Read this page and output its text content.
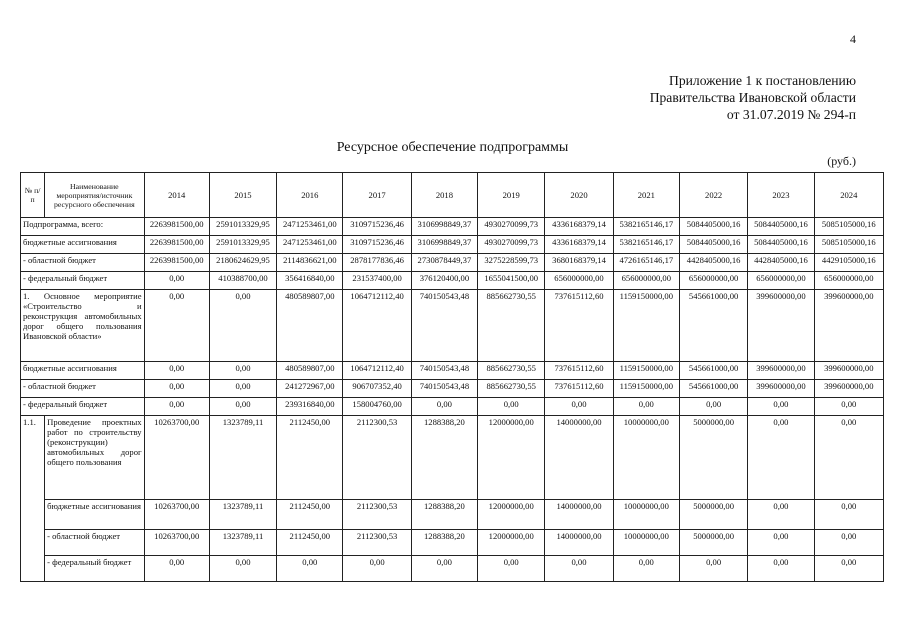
4
Приложение 1 к постановлению
Правительства Ивановской области
от 31.07.2019 № 294-п
Ресурсное обеспечение подпрограммы
(руб.)
№ п/п	Наименование мероприятия/источник ресурсного обеспечения	2014	2015	2016	2017	2018	2019	2020	2021	2022	2023	2024
Подпрограмма, всего:		2263981500,00	2591013329,95	2471253461,00	3109715236,46	3106998849,37	4930270099,73	4336168379,14	5382165146,17	5084405000,16	5084405000,16	5085105000,16
бюджетные ассигнования		2263981500,00	2591013329,95	2471253461,00	3109715236,46	3106998849,37	4930270099,73	4336168379,14	5382165146,17	5084405000,16	5084405000,16	5085105000,16
- областной бюджет		2263981500,00	2180624629,95	2114836621,00	2878177836,46	2730878449,37	3275228599,73	3680168379,14	4726165146,17	4428405000,16	4428405000,16	4429105000,16
- федеральный бюджет		0,00	410388700,00	356416840,00	231537400,00	376120400,00	1655041500,00	656000000,00	656000000,00	656000000,00	656000000,00	656000000,00
1. Основное мероприятие «Строительство и реконструкция автомобильных дорог общего пользования Ивановской области»		0,00	0,00	480589807,00	1064712112,40	740150543,48	885662730,55	737615112,60	1159150000,00	545661000,00	399600000,00	399600000,00
бюджетные ассигнования		0,00	0,00	480589807,00	1064712112,40	740150543,48	885662730,55	737615112,60	1159150000,00	545661000,00	399600000,00	399600000,00
- областной бюджет		0,00	0,00	241272967,00	906707352,40	740150543,48	885662730,55	737615112,60	1159150000,00	545661000,00	399600000,00	399600000,00
- федеральный бюджет		0,00	0,00	239316840,00	158004760,00	0,00	0,00	0,00	0,00	0,00	0,00	0,00
1.1.	Проведение проектных работ по строительству (реконструкции) автомобильных дорог общего пользования	10263700,00	1323789,11	2112450,00	2112300,53	1288388,20	12000000,00	14000000,00	10000000,00	5000000,00	0,00	0,00
	бюджетные ассигнования	10263700,00	1323789,11	2112450,00	2112300,53	1288388,20	12000000,00	14000000,00	10000000,00	5000000,00	0,00	0,00
	- областной бюджет	10263700,00	1323789,11	2112450,00	2112300,53	1288388,20	12000000,00	14000000,00	10000000,00	5000000,00	0,00	0,00
	- федеральный бюджет	0,00	0,00	0,00	0,00	0,00	0,00	0,00	0,00	0,00	0,00	0,00
